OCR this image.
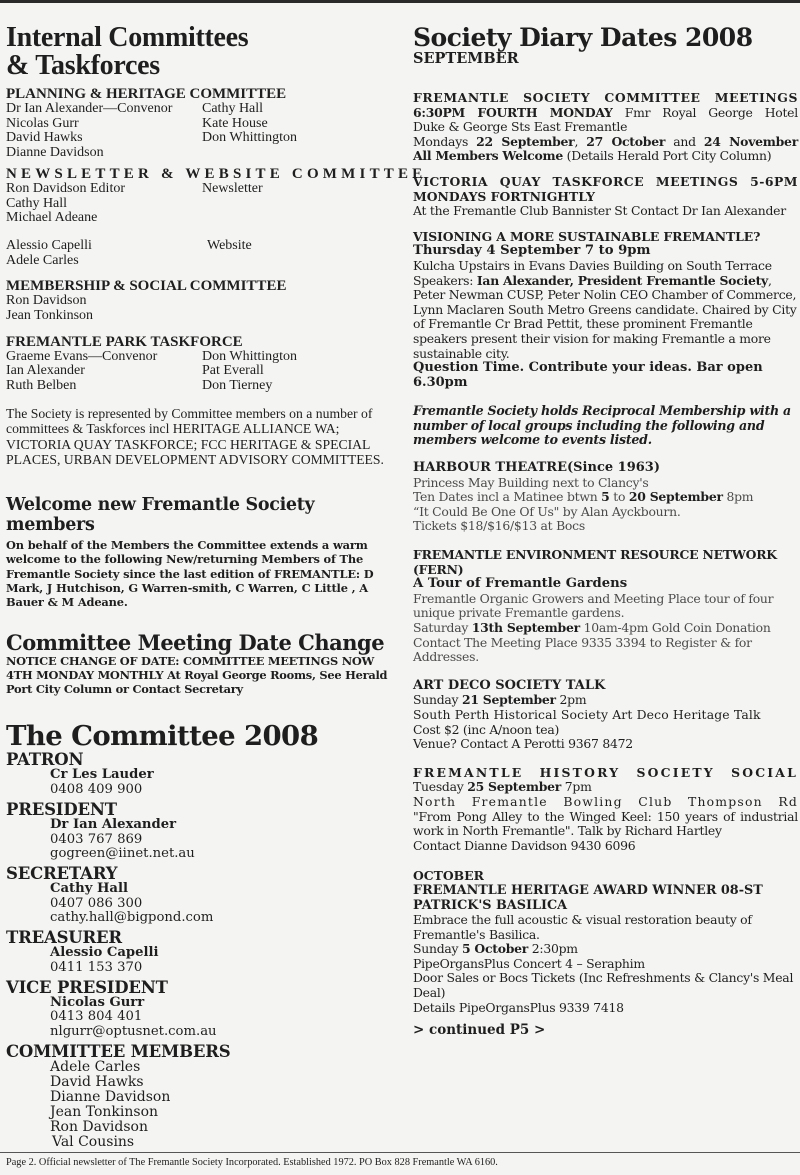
Internal Committees
& Taskforces
PLANNING & HERITAGE COMMITTEE
Dr Ian Alexander—Convenor
Nicolas Gurr
David Hawks
Dianne Davidson
Cathy Hall
Kate House
Don Whittington
NEWSLETTER & WEBSITE COMMITTEE
Ron Davidson Editor
Cathy Hall
Michael Adeane
Newsletter
Alessio Capelli
Adele Carles
Website
MEMBERSHIP & SOCIAL COMMITTEE
Ron Davidson
Jean Tonkinson
FREMANTLE PARK TASKFORCE
Graeme Evans—Convenor
Ian Alexander
Ruth Belben
Don Whittington
Pat Everall
Don Tierney

The Society is represented by Committee members on a number of committees & Taskforces incl HERITAGE ALLIANCE WA; VICTORIA QUAY TASKFORCE; FCC HERITAGE & SPECIAL PLACES, URBAN DEVELOPMENT ADVISORY COMMITTEES.

Welcome new Fremantle Society members

On behalf of the Members the Committee extends a warm welcome to the following New/returning Members of The Fremantle Society since the last edition of FREMANTLE: D Mark, J Hutchison, G Warren-smith, C Warren, C Little , A Bauer & M Adeane.

Committee Meeting Date Change

NOTICE CHANGE OF DATE: COMMITTEE MEETINGS NOW 4TH MONDAY MONTHLY At Royal George Rooms, See Herald Port City Column or Contact Secretary

The Committee 2008
PATRON
Cr Les Lauder
0408 409 900
PRESIDENT
Dr Ian Alexander
0403 767 869
gogreen@iinet.net.au
SECRETARY
Cathy Hall
0407 086 300
cathy.hall@bigpond.com
TREASURER
Alessio Capelli
0411 153 370
VICE PRESIDENT
Nicolas Gurr
0413 804 401
nlgurr@optusnet.com.au
COMMITTEE MEMBERS
Adele Carles
David Hawks
Dianne Davidson
Jean Tonkinson
Ron Davidson
Val Cousins
Society Diary Dates 2008
SEPTEMBER

FREMANTLE SOCIETY COMMITTEE MEETINGS

6:30PM FOURTH MONDAY Fmr Royal George Hotel

Duke & George Sts East Fremantle

Mondays 22 September, 27 October and 24 November

All Members Welcome (Details Herald Port City Column)

VICTORIA QUAY TASKFORCE MEETINGS 5-6PM

MONDAYS FORTNIGHTLY

At the Fremantle Club Bannister St Contact Dr Ian Alexander

VISIONING A MORE SUSTAINABLE FREMANTLE?

Thursday 4 September 7 to 9pm

Kulcha Upstairs in Evans Davies Building on South Terrace

Speakers: Ian Alexander, President Fremantle Society, Peter Newman CUSP, Peter Nolin CEO Chamber of Commerce, Lynn Maclaren South Metro Greens candidate. Chaired by City of Fremantle Cr Brad Pettit, these prominent Fremantle speakers present their vision for making Fremantle a more sustainable city.

Question Time. Contribute your ideas. Bar open 6.30pm

Fremantle Society holds Reciprocal Membership with a number of local groups including the following and members welcome to events listed.

HARBOUR THEATRE(Since 1963)

Princess May Building next to Clancy's

Ten Dates incl a Matinee btwn 5 to 20 September 8pm

“It Could Be One Of Us" by Alan Ayckbourn.

Tickets $18/$16/$13 at Bocs

FREMANTLE ENVIRONMENT RESOURCE NETWORK (FERN)

A Tour of Fremantle Gardens

Fremantle Organic Growers and Meeting Place tour of four unique private Fremantle gardens.

Saturday 13th September 10am-4pm Gold Coin Donation

Contact The Meeting Place 9335 3394 to Register & for Addresses.

ART DECO SOCIETY TALK

Sunday 21 September 2pm

South Perth Historical Society Art Deco Heritage Talk

Cost $2 (inc A/noon tea)

Venue? Contact A Perotti 9367 8472

FREMANTLE HISTORY SOCIETY SOCIAL

Tuesday 25 September 7pm

North Fremantle Bowling Club Thompson Rd

"From Pong Alley to the Winged Keel: 150 years of industrial work in North Fremantle". Talk by Richard Hartley

Contact Dianne Davidson 9430 6096

OCTOBER

FREMANTLE HERITAGE AWARD WINNER 08-ST PATRICK'S BASILICA

Embrace the full acoustic & visual restoration beauty of Fremantle's Basilica.

Sunday 5 October 2:30pm

PipeOrgansPlus Concert 4 – Seraphim

Door Sales or Bocs Tickets (Inc Refreshments & Clancy's Meal Deal)

Details PipeOrgansPlus 9339 7418

> continued P5 >

Page 2. Official newsletter of The Fremantle Society Incorporated. Established 1972. PO Box 828 Fremantle WA 6160.
